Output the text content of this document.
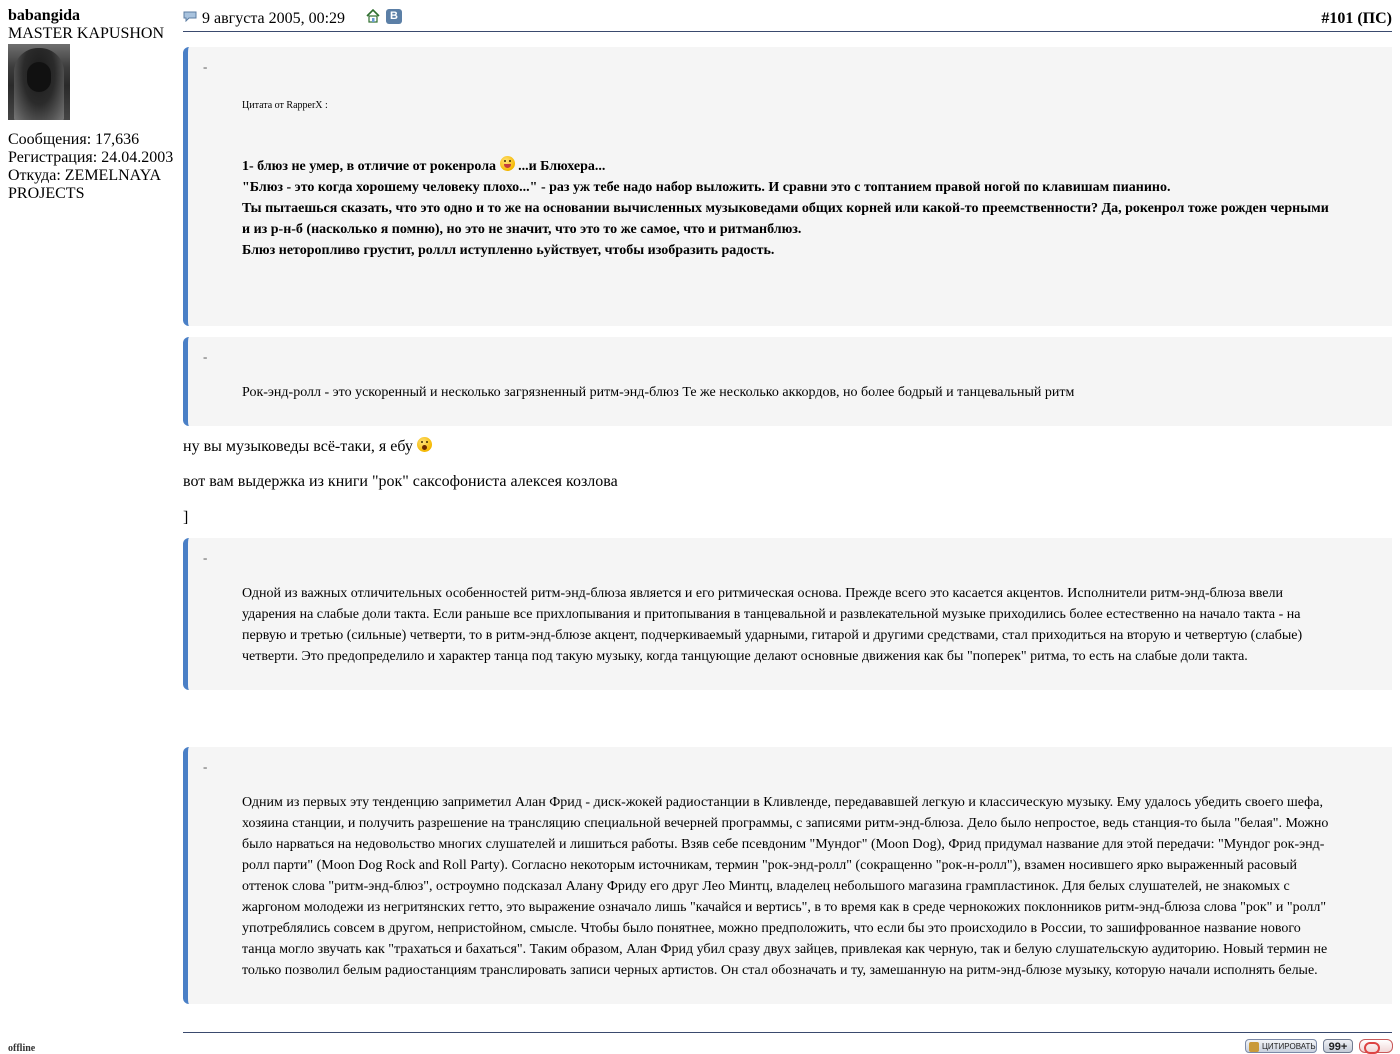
babangida
MASTER KAPUSHON
Сообщения: 17,636
Регистрация: 24.04.2003
Откуда: ZEMELNAYA PROJECTS
9 августа 2005, 00:29	B	#101 (ПС)
-

Цитата от RapperX :

1- блюз не умер, в отличие от рокенрола  ...и Блюхера...

"Блюз - это когда хорошему человеку плохо..." - раз уж тебе надо набор выложить. И сравни это с топтанием правой ногой по клавишам пианино.

Ты пытаешься сказать, что это одно и то же на основании вычисленных музыковедами общих корней или какой-то преемственности? Да, рокенрол тоже рожден черными и из р-н-б (насколько я помню), но это не значит, что это то же самое, что и ритманблюз.

Блюз неторопливо грустит, роллл иступленно ьуйствует, чтобы изобразить радость.

-

Рок-энд-ролл - это ускоренный и несколько загрязненный ритм-энд-блюз Те же несколько аккордов, но более бодрый и танцевальный ритм

ну вы музыковеды всё-таки, я ебу
вот вам выдержка из книги "рок" саксофониста алексея козлова
]
-

Одной из важных отличительных особенностей ритм-энд-блюза является и его ритмическая основа. Прежде всего это касается акцентов. Исполнители ритм-энд-блюза ввели ударения на слабые доли такта. Если раньше все прихлопывания и притопывания в танцевальной и развлекательной музыке приходились более естественно на начало такта - на первую и третью (сильные) четверти, то в ритм-энд-блюзе акцент, подчеркиваемый ударными, гитарой и другими средствами, стал приходиться на вторую и четвертую (слабые) четверти. Это предопределило и характер танца под такую музыку, когда танцующие делают основные движения как бы "поперек" ритма, то есть на слабые доли такта.

-

Одним из первых эту тенденцию заприметил Алан Фрид - диск-жокей радиостанции в Кливленде, передававшей легкую и классическую музыку. Ему удалось убедить своего шефа, хозяина станции, и получить разрешение на трансляцию специальной вечерней программы, с записями ритм-энд-блюза. Дело было непростое, ведь станция-то была "белая". Можно было нарваться на недовольство многих слушателей и лишиться работы. Взяв себе псевдоним "Мундог" (Moon Dog), Фрид придумал название для этой передачи: "Мундог рок-энд-ролл парти" (Moon Dog Rock and Roll Party). Согласно некоторым источникам, термин "рок-энд-ролл" (сокращенно "рок-н-ролл"), взамен носившего ярко выраженный расовый оттенок слова "ритм-энд-блюз", остроумно подсказал Алану Фриду его друг Лео Минтц, владелец небольшого магазина грампластинок. Для белых слушателей, не знакомых с жаргоном молодежи из негритянских гетто, это выражение означало лишь "качайся и вертись", в то время как в среде чернокожих поклонников ритм-энд-блюза слова "рок" и "ролл" употреблялись совсем в другом, непристойном, смысле. Чтобы было понятнее, можно предположить, что если бы это происходило в России, то зашифрованное название нового танца могло звучать как "трахаться и бахаться". Таким образом, Алан Фрид убил сразу двух зайцев, привлекая как черную, так и белую слушательскую аудиторию. Новый термин не только позволил белым радиостанциям транслировать записи черных артистов. Он стал обозначать и ту, замешанную на ритм-энд-блюзе музыку, которую начали исполнять белые.

offline	ЦИТИРОВАТЬ	99+
